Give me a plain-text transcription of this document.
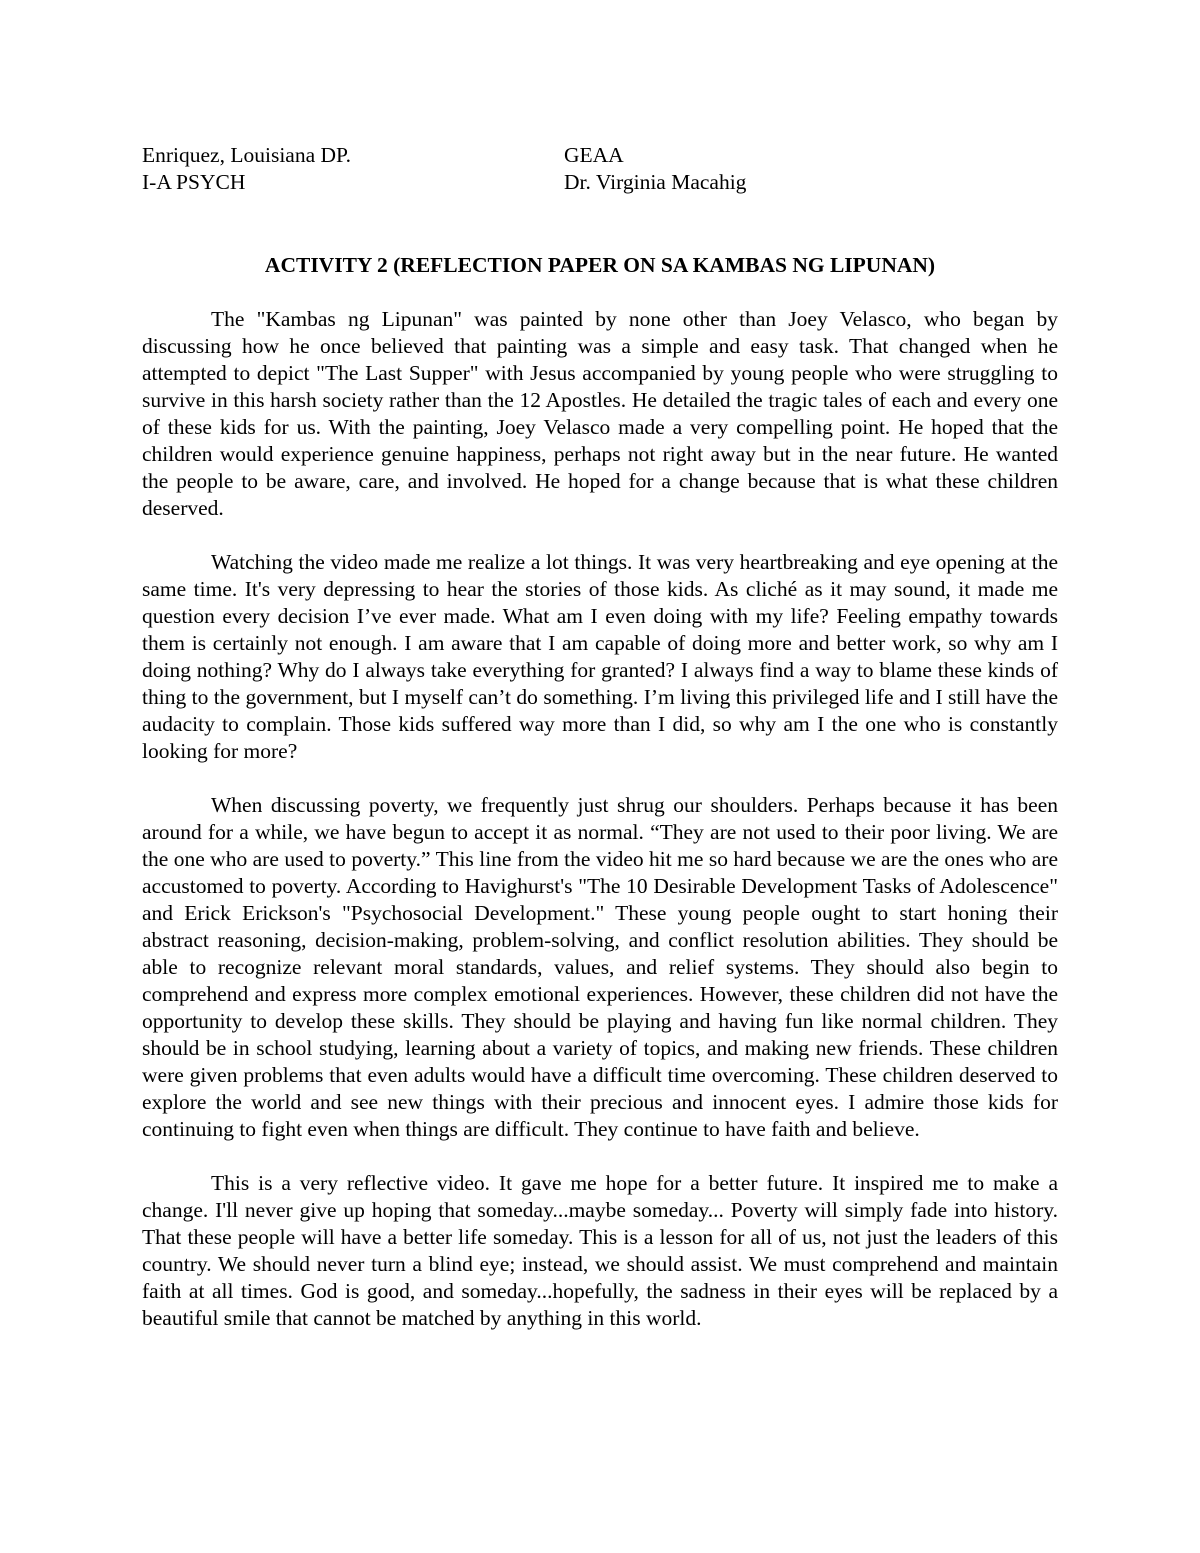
Enriquez, Louisiana DP.	GEAA
I-A PSYCH	Dr. Virginia Macahig
ACTIVITY 2 (REFLECTION PAPER ON SA KAMBAS NG LIPUNAN)

The "Kambas ng Lipunan" was painted by none other than Joey Velasco, who began by discussing how he once believed that painting was a simple and easy task. That changed when he attempted to depict "The Last Supper" with Jesus accompanied by young people who were struggling to survive in this harsh society rather than the 12 Apostles. He detailed the tragic tales of each and every one of these kids for us. With the painting, Joey Velasco made a very compelling point. He hoped that the children would experience genuine happiness, perhaps not right away but in the near future. He wanted the people to be aware, care, and involved. He hoped for a change because that is what these children deserved.

Watching the video made me realize a lot things. It was very heartbreaking and eye opening at the same time. It's very depressing to hear the stories of those kids. As cliché as it may sound, it made me question every decision I’ve ever made. What am I even doing with my life? Feeling empathy towards them is certainly not enough. I am aware that I am capable of doing more and better work, so why am I doing nothing? Why do I always take everything for granted? I always find a way to blame these kinds of thing to the government, but I myself can’t do something. I’m living this privileged life and I still have the audacity to complain. Those kids suffered way more than I did, so why am I the one who is constantly looking for more?

When discussing poverty, we frequently just shrug our shoulders. Perhaps because it has been around for a while, we have begun to accept it as normal. “They are not used to their poor living. We are the one who are used to poverty.” This line from the video hit me so hard because we are the ones who are accustomed to poverty. According to Havighurst's "The 10 Desirable Development Tasks of Adolescence" and Erick Erickson's "Psychosocial Development." These young people ought to start honing their abstract reasoning, decision-making, problem-solving, and conflict resolution abilities. They should be able to recognize relevant moral standards, values, and relief systems. They should also begin to comprehend and express more complex emotional experiences. However, these children did not have the opportunity to develop these skills. They should be playing and having fun like normal children. They should be in school studying, learning about a variety of topics, and making new friends. These children were given problems that even adults would have a difficult time overcoming. These children deserved to explore the world and see new things with their precious and innocent eyes. I admire those kids for continuing to fight even when things are difficult. They continue to have faith and believe.

This is a very reflective video. It gave me hope for a better future. It inspired me to make a change. I'll never give up hoping that someday...maybe someday... Poverty will simply fade into history. That these people will have a better life someday. This is a lesson for all of us, not just the leaders of this country. We should never turn a blind eye; instead, we should assist. We must comprehend and maintain faith at all times. God is good, and someday...hopefully, the sadness in their eyes will be replaced by a beautiful smile that cannot be matched by anything in this world.
